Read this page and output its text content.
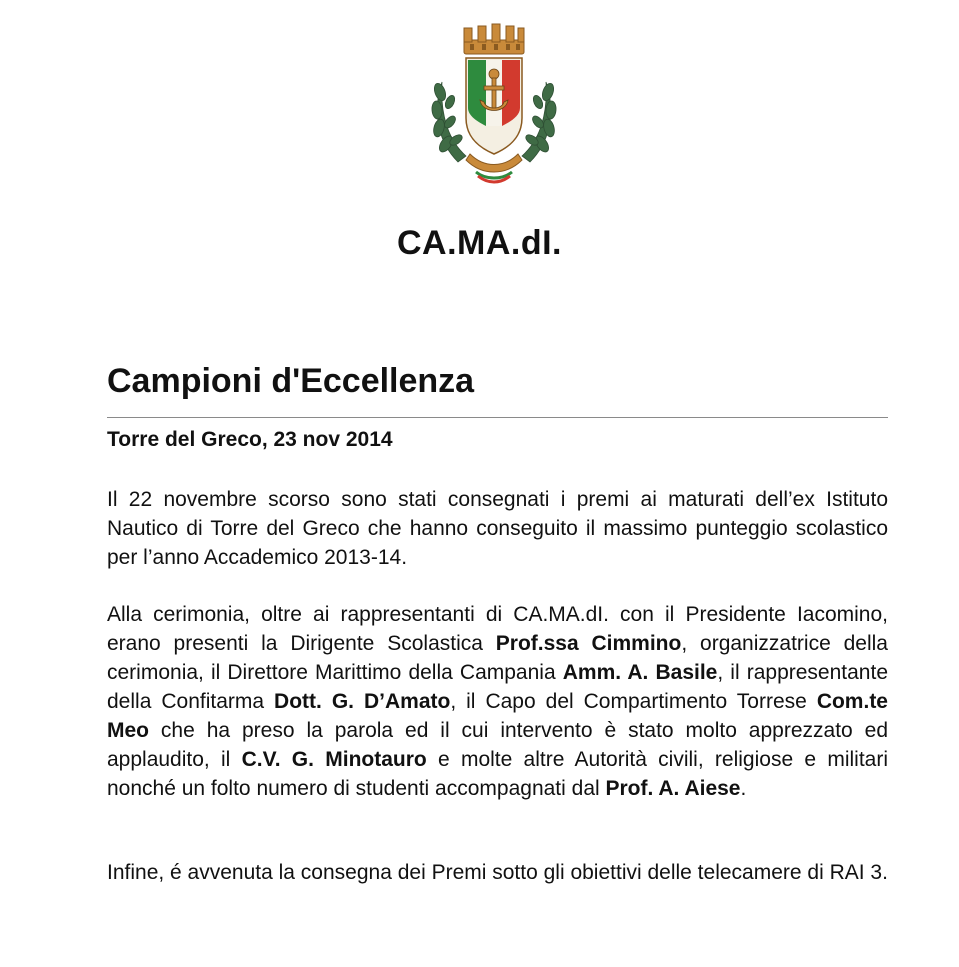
CA.MA.dI.
Campioni d'Eccellenza
Torre del Greco, 23 nov 2014

Il 22 novembre scorso sono stati consegnati i premi ai maturati dell’ex Istituto Nautico di Torre del Greco che hanno conseguito il massimo punteggio scolastico per l’anno Accademico 2013-14.

Alla cerimonia, oltre ai rappresentanti di CA.MA.dI. con il Presidente Iacomino, erano presenti la Dirigente Scolastica Prof.ssa Cimmino, organizzatrice della cerimonia, il Direttore Marittimo della Campania Amm. A. Basile, il rappresentante della Confitarma Dott. G. D’Amato, il Capo del Compartimento Torrese Com.te Meo che ha preso la parola ed il cui intervento è stato molto apprezzato ed applaudito, il C.V. G. Minotauro e molte altre Autorità civili, religiose e militari nonché un folto numero di studenti accompagnati dal Prof. A. Aiese.

Infine, é avvenuta la consegna dei Premi sotto gli obiettivi delle telecamere di RAI 3.
